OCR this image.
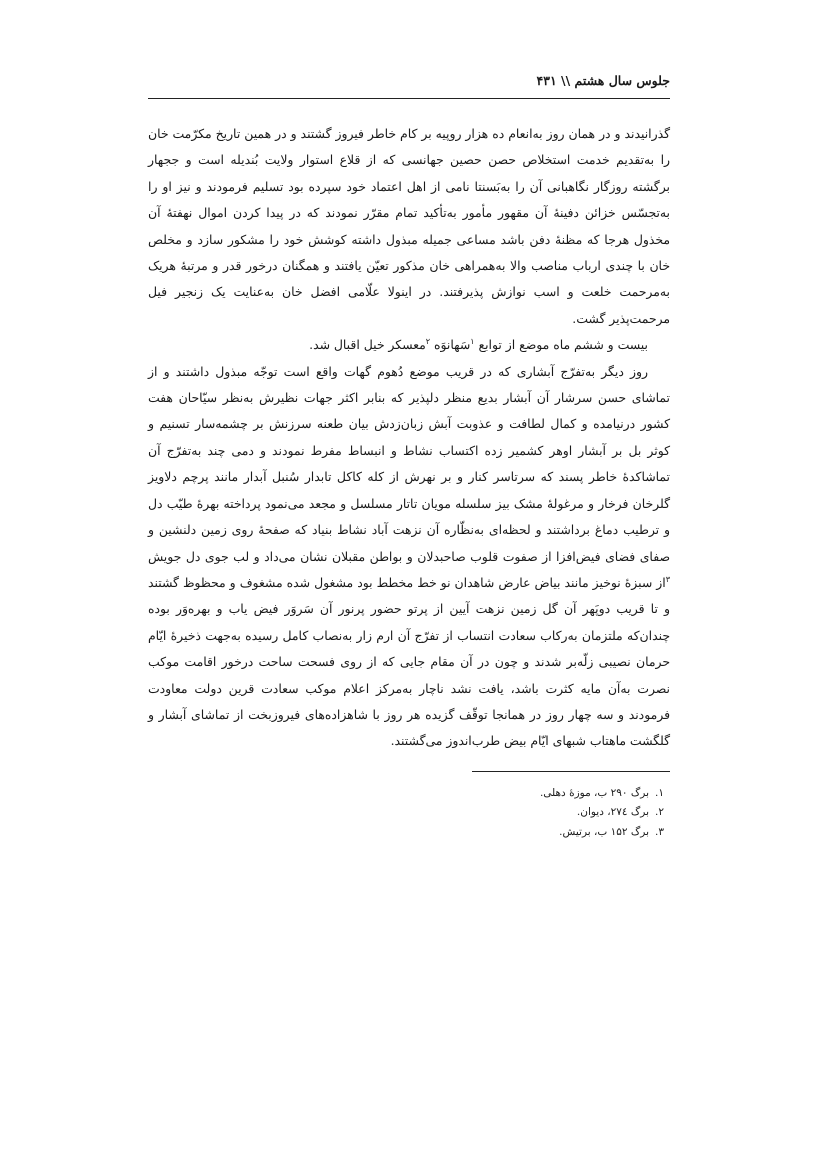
جلوس سال هشتم \\ ۴۳۱

گذرانیدند و در همان روز به‌انعام ده هزار روپیه بر کام خاطر فیروز گشتند و در همین تاریخ مکرّمت خان را به‌تقدیم خدمت استخلاص حصن حصین جهانسی که از قلاع استوار ولایت بُندیله است و ججهار برگشته روزگار نگاهبانی آن را به‌بَسنتا نامی از اهل اعتماد خود سپرده بود تسلیم فرمودند و نیز او را به‌تجسّس خزائن دفینهٔ آن مقهور مأمور به‌تأکید تمام مقرّر نمودند که در پیدا کردن اموال نهفتهٔ آن مخذول هرجا که مظنهٔ دفن باشد مساعی جمیله مبذول داشته کوشش خود را مشکور سازد و مخلص خان با چندی ارباب مناصب والا به‌همراهی خان مذکور تعیّن یافتند و همگنان درخور قدر و مرتبهٔ هریک به‌مرحمت خلعت و اسب نوازش پذیرفتند. در اینولا علّامی افضل خان به‌عنایت یک زنجیر فیل مرحمت‌پذیر گشت.

بیست و ششم ماه موضع از توابع $^۱$سَهانوَه $^۲$معسکر خیل اقبال شد.

روز دیگر به‌تفرّج آبشاری که در قریب موضع دُهوم گهات واقع است توجّه مبذول داشتند و از تماشای حسن سرشار آن آبشار بدیع منظر دلپذیر که بنابر اکثر جهات نظیرش به‌نظر سیّاحان هفت کشور درنیامده و کمال لطافت و عذوبت آبش زبان‌زدش بیان طعنه سرزنش بر چشمه‌سار تسنیم و کوثر بل بر آبشار اوهر کشمیر زده اکتساب نشاط و انبساط مفرط نمودند و دمی چند به‌تفرّج آن تماشاکدهٔ خاطر پسند که سرتاسر کنار و بر نهرش از کله کاکل تابدار سُنبل آبدار مانند پرچم دلاویز گلرخان فرخار و مرغولهٔ مشک بیز سلسله مویان تاتار مسلسل و مجعد می‌نمود پرداخته بهرهٔ طیّب دل و ترطیب دماغ برداشتند و لحظه‌ای به‌نظّاره آن نزهت آباد نشاط بنیاد که صفحهٔ روی زمین دلنشین و صفای فضای فیض‌افزا از صفوت قلوب صاحبدلان و بواطن مقبلان نشان می‌داد و لب جوی دل جویش $^۳$از سبزهٔ نوخیز مانند بیاض عارض شاهدان نو خط مخطط بود مشغول شده مشغوف و محظوظ گشتند و تا قریب دوپَهر آن گل زمین نزهت آیین از پرتو حضور پرنور آن سَروَر فیض یاب و بهره‌وَر بوده چندان‌که ملتزمان به‌رکاب سعادت انتساب از تفرّج آن ارم زار به‌نصاب کامل رسیده به‌جهت ذخیرهٔ ایّام حرمان نصیبی زلّه‌بر شدند و چون در آن مقام جایی که از روی فسحت ساحت درخور اقامت موکب نصرت به‌آن مایه کثرت باشد، یافت نشد ناچار به‌مرکز اعلام موکب سعادت قرین دولت معاودت فرمودند و سه چهار روز در همانجا توقّف گزیده هر روز با شاهزاده‌های فیروزبخت از تماشای آبشار و گلگشت ماهتاب شبهای ایّام بیض طرب‌اندوز می‌گشتند.

۱.
برگ ۲۹۰ ب، موزهٔ دهلی.
۲.
برگ ۲۷٤، دیوان.
۳.
برگ ۱۵۲ ب، برتیش.
